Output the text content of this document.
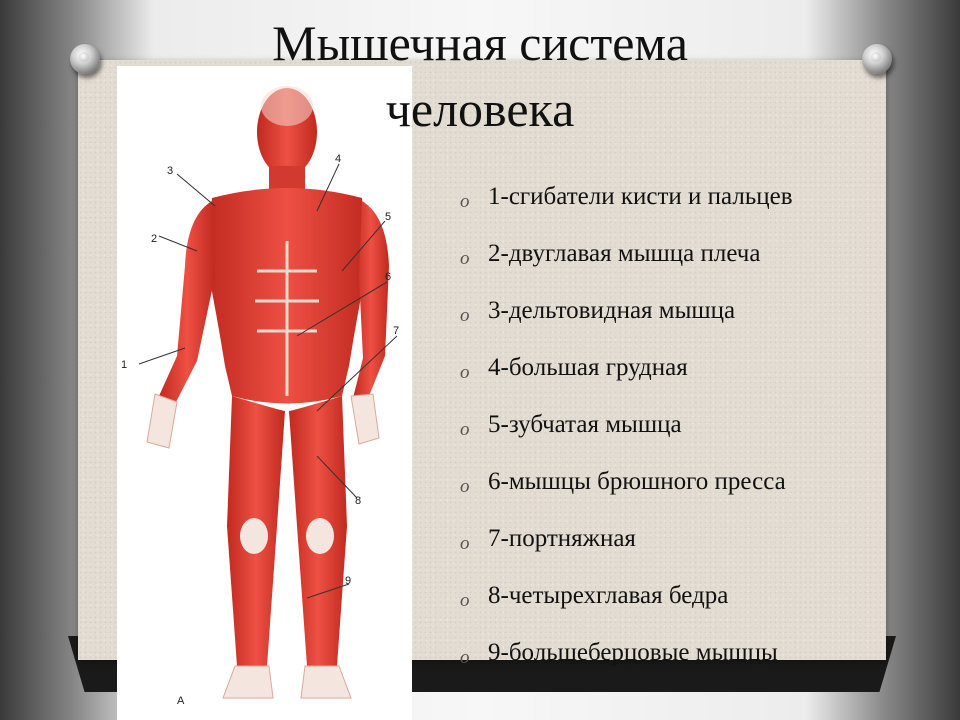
1
2
3
4
5
6
7
8
9
А
Мышечная система
человека
o 1-сгибатели кисти и пальцев
o 2-двуглавая мышца плеча
o 3-дельтовидная мышца
o 4-большая грудная
o 5-зубчатая мышца
o 6-мышцы брюшного пресса
o 7-портняжная
o 8-четырехглавая бедра
o 9-большеберцовые мышцы
